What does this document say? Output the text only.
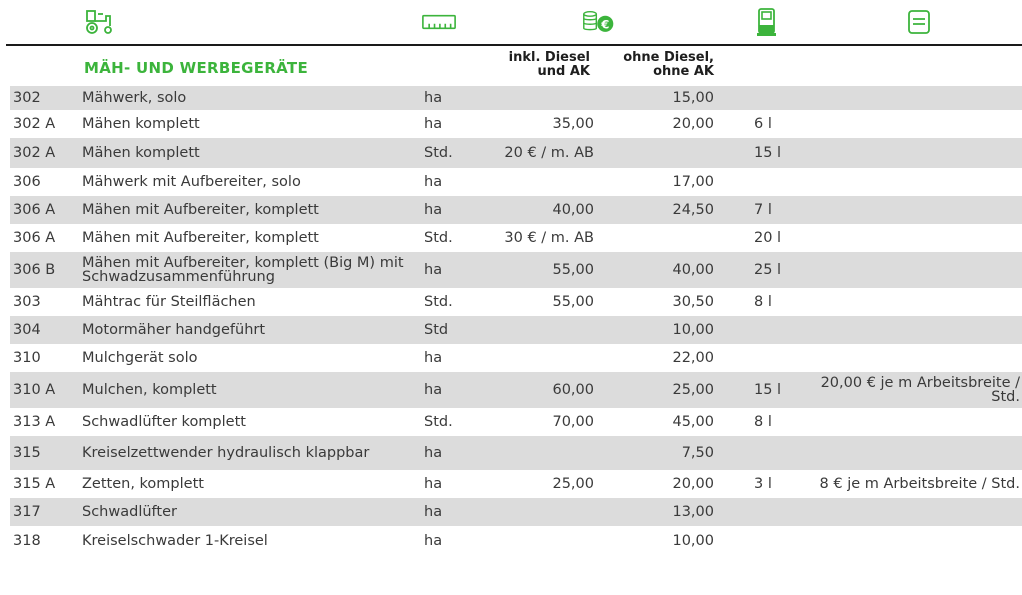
€
MÄH- UND WERBEGERÄTE
inkl. Diesel
und AK
ohne Diesel,
ohne AK
302	Mähwerk, solo	ha		15,00		
302 A	Mähen komplett	ha	35,00	20,00	6 l	
302 A	Mähen komplett	Std.	20 € / m. AB		15 l	
306	Mähwerk mit Aufbereiter, solo	ha		17,00		
306 A	Mähen mit Aufbereiter, komplett	ha	40,00	24,50	7 l	
306 A	Mähen mit Aufbereiter, komplett	Std.	30 € / m. AB		20 l	
306 B	Mähen mit Aufbereiter, komplett (Big M) mit Schwadzusammenführung	ha	55,00	40,00	25 l	
303	Mähtrac für Steilflächen	Std.	55,00	30,50	8 l	
304	Motormäher handgeführt	Std		10,00		
310	Mulchgerät solo	ha		22,00		
310 A	Mulchen, komplett	ha	60,00	25,00	15 l	20,00 € je m Arbeitsbreite / Std.
313 A	Schwadlüfter komplett	Std.	70,00	45,00	8 l	
315	Kreiselzettwender hydraulisch klappbar	ha		7,50		
315 A	Zetten, komplett	ha	25,00	20,00	3 l	8 € je m Arbeitsbreite / Std.
317	Schwadlüfter	ha		13,00		
318	Kreiselschwader 1-Kreisel	ha		10,00		
